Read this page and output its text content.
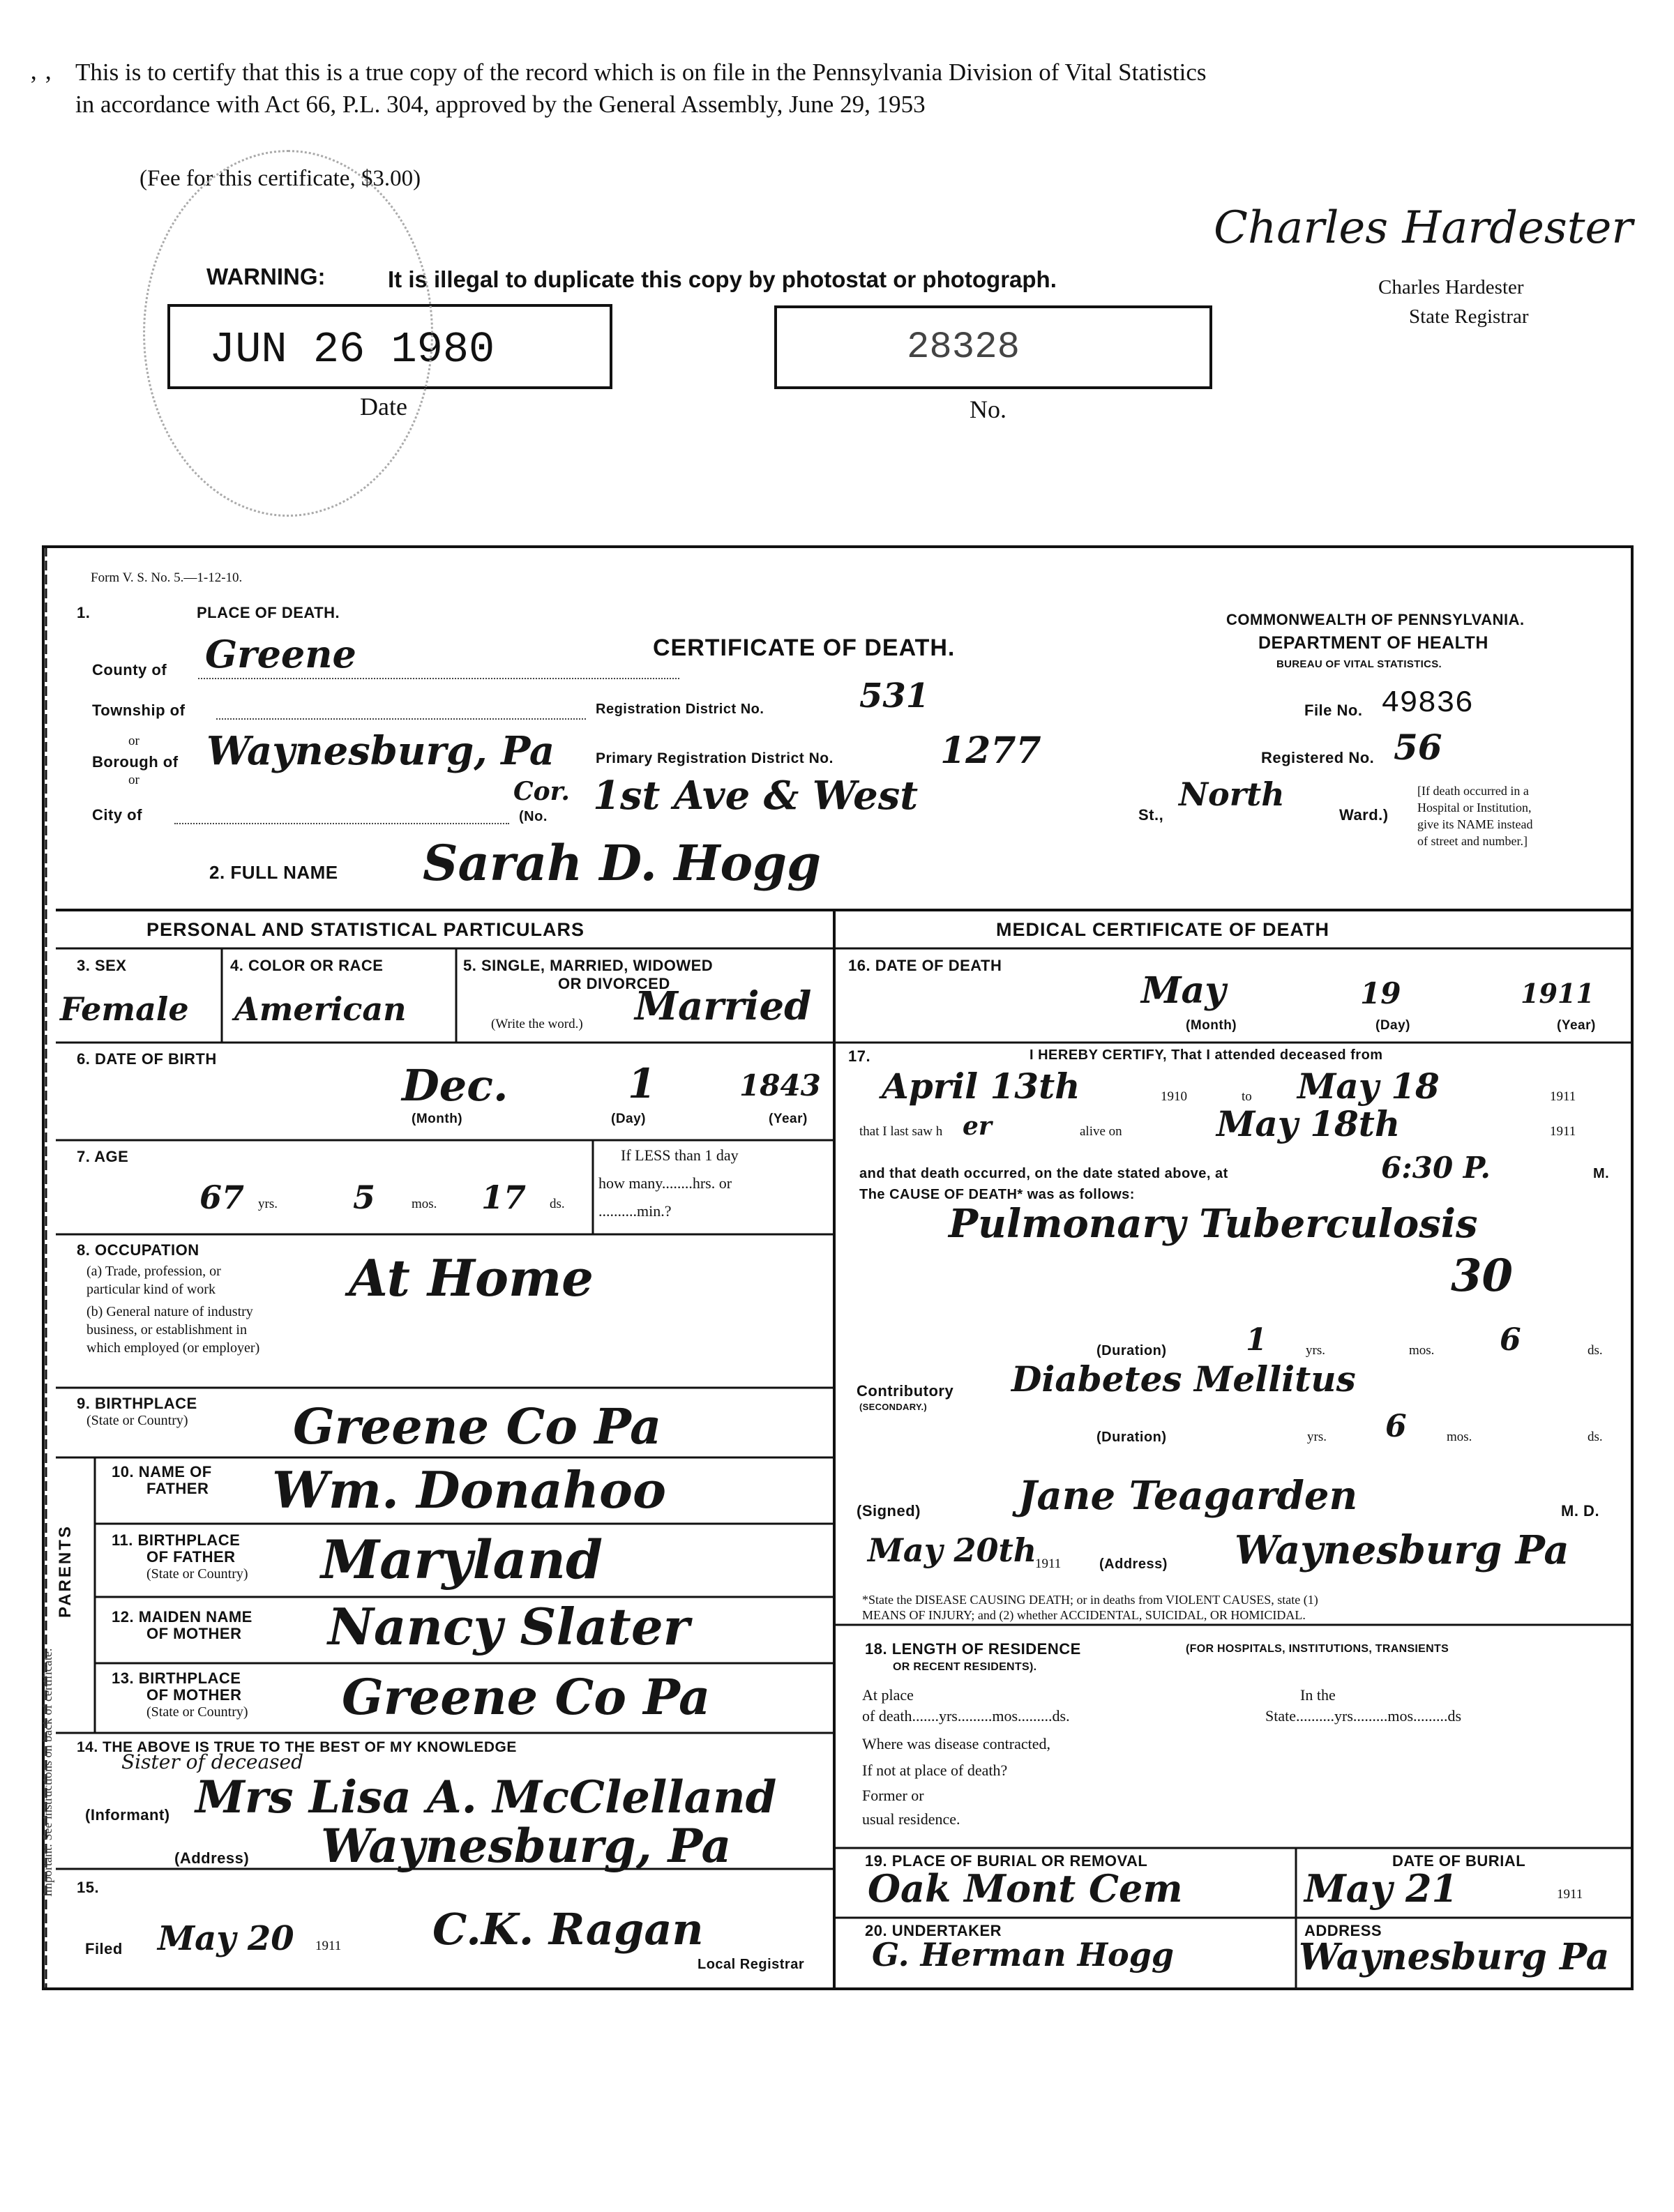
‚ ‚ This is to certify that this is a true copy of the record which is on file in the Pennsylvania Division of Vital Statistics
in accordance with Act 66, P.L. 304, approved by the General Assembly, June 29, 1953
(Fee for this certificate, $3.00)
Charles Hardester
Charles Hardester
State Registrar
WARNING:	It is illegal to duplicate this copy by photostat or photograph.
JUN 26 1980
Date
28328
No.
Form V. S. No. 5.—1-12-10.
1.	PLACE OF DEATH.
CERTIFICATE OF DEATH.
COMMONWEALTH OF PENNSYLVANIA.
DEPARTMENT OF HEALTH
BUREAU OF VITAL STATISTICS.
County of Greene
Township of	Registration District No.	531	File No. 49836
or
Borough of Waynesburg, Pa
or
Primary Registration District No.	1277	Registered No. 56
City of
Cor.
(No. 1st Ave & West	St.,
North
Ward.)
[If death occurred in a
Hospital or Institution,
give its NAME instead
of street and number.]
2. FULL NAME Sarah D. Hogg
PERSONAL AND STATISTICAL PARTICULARS
3. SEX
Female
4. COLOR OR RACE
American
5. SINGLE, MARRIED, WIDOWED
OR DIVORCED
(Write the word.) Married
6. DATE OF BIRTH
Dec.	1	1843
(Month)	(Day)	(Year)
7. AGE
67 yrs. 5	mos. 17 ds.
If LESS than 1 day
how many........hrs. or
..........min.?
8. OCCUPATION
(a) Trade, profession, or
particular kind of work
(b) General nature of industry
business, or establishment in
which employed (or employer)
At Home
9. BIRTHPLACE
(State or Country) Greene Co Pa
PARENTS
Important: See instructions on back of certificate.
10. NAME OF
FATHER Wm. Donahoo
11. BIRTHPLACE
OF FATHER
(State or Country) Maryland
12. MAIDEN NAME
OF MOTHER Nancy Slater
13. BIRTHPLACE
OF MOTHER
(State or Country) Greene Co Pa
14. THE ABOVE IS TRUE TO THE BEST OF MY KNOWLEDGE
Sister of deceased
Mrs Lisa A. McClelland
(Informant)
(Address) Waynesburg, Pa
15.
Filed May 20 1911 C.K. Ragan
Local Registrar
MEDICAL CERTIFICATE OF DEATH
16. DATE OF DEATH
May	19	1911
(Month)	(Day)	(Year)
17.	I HEREBY CERTIFY, That I attended deceased from
April 13th	1910	to May 18	1911
that I last saw h er	alive on	May 18th	1911
and that death occurred, on the date stated above, at	6:30 P.	M.
The CAUSE OF DEATH* was as follows:
Pulmonary Tuberculosis
30
(Duration)	1	yrs.	mos. 6	ds.
Contributory
(SECONDARY.)
Diabetes Mellitus
(Duration)	yrs. 6	mos.	ds.
(Signed)	Jane Teagarden	M. D.
May 20th
1911	(Address) Waynesburg Pa
*State the DISEASE CAUSING DEATH; or in deaths from VIOLENT CAUSES, state (1)
MEANS OF INJURY; and (2) whether ACCIDENTAL, SUICIDAL, OR HOMICIDAL.
18. LENGTH OF RESIDENCE	(FOR HOSPITALS, INSTITUTIONS, TRANSIENTS
OR RECENT RESIDENTS).
At place	In the
of death.......yrs.........mos.........ds.	State..........yrs.........mos.........ds
Where was disease contracted,
If not at place of death?
Former or
usual residence.
19. PLACE OF BURIAL OR REMOVAL
Oak Mont Cem
DATE OF BURIAL
May 21	1911
20. UNDERTAKER
G. Herman Hogg
ADDRESS
Waynesburg Pa
